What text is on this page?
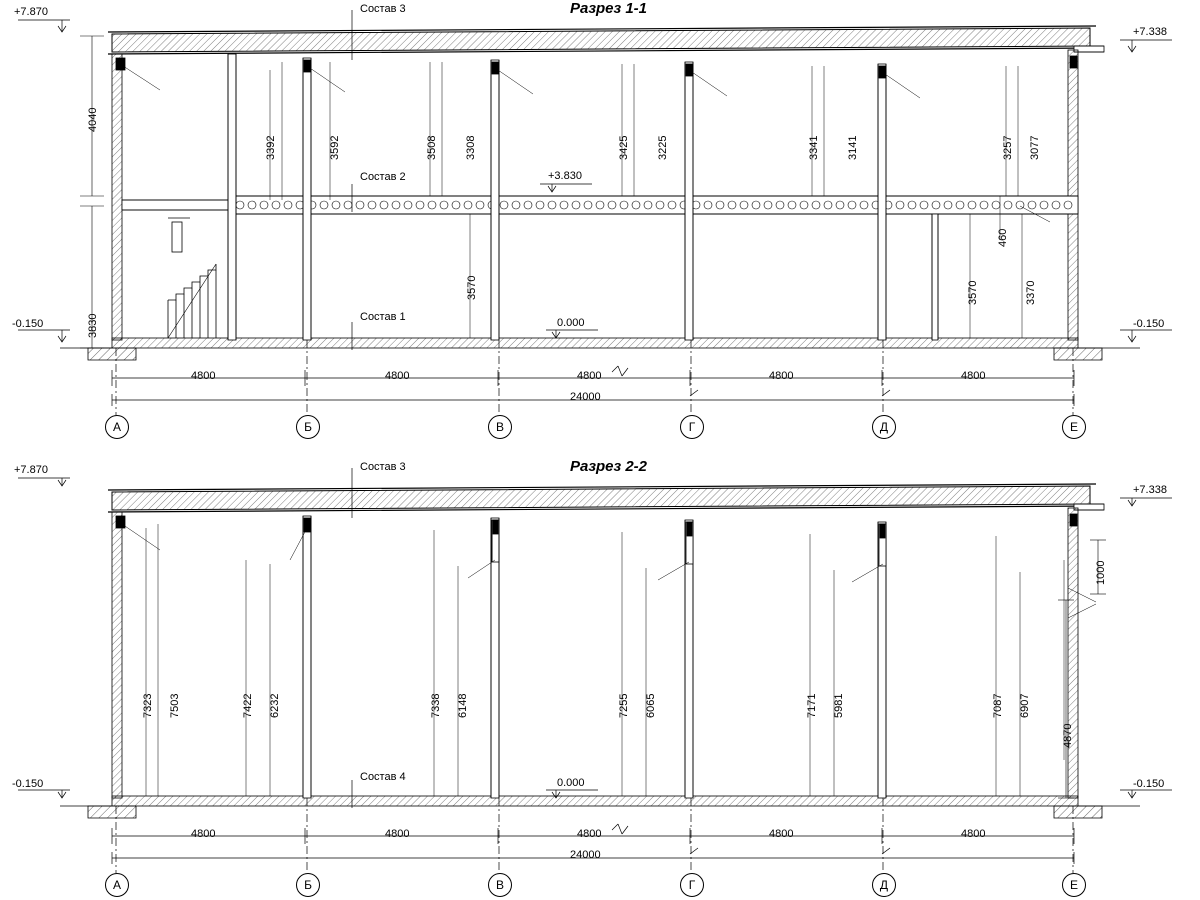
Разрез 1-1
Разрез 2-2
+7.870
+7.338
-0.150	-0.150
+3.830
0.000
Состав 3
Состав 2
Состав 1
4040
3830
3392	3592	3508 3308	3425 3225	3341 3141	3257 3077
3570	3570
460
3370
4800	4800	4800	4800	4800
24000
А	Б	В	Г	Д	Е
+7.870
+7.338
-0.150	-0.150
0.000
Состав 3
Состав 4
7323 7503	7422 6232	7338 6148	7255 6065	7171 5981	7087 6907
1000
4870
4800	4800	4800	4800	4800
24000
А	Б	В	Г	Д	Е
